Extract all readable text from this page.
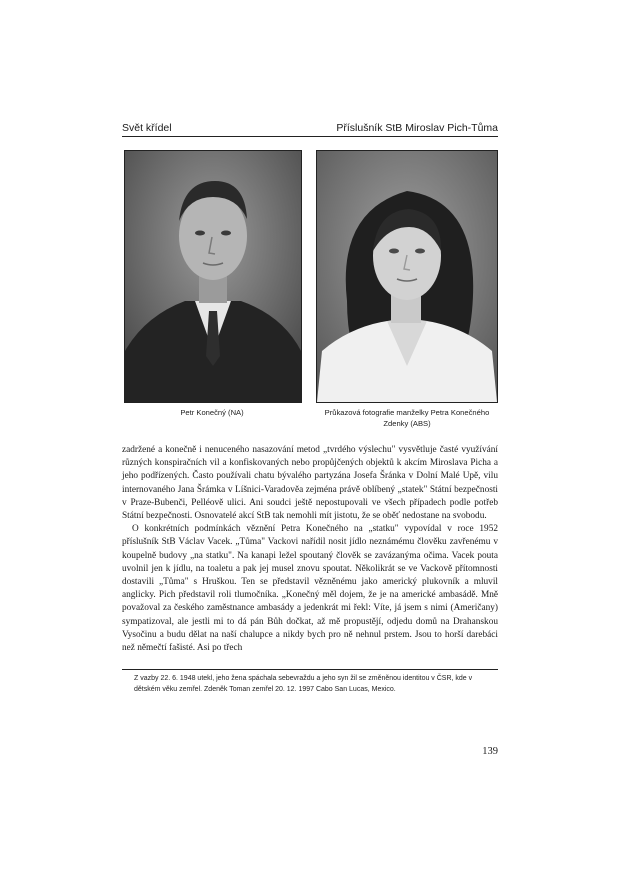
Svět křídel	Příslušník StB Miroslav Pich-Tůma
Petr Konečný (NA)	Průkazová fotografie manželky Petra Konečného Zdenky (ABS)

zadržené a konečně i nenuceného nasazování metod „tvrdého výslechu" vysvětluje časté využívání různých konspiračních vil a konfiskovaných nebo propůjčených objektů k akcím Miroslava Picha a jeho podřízených. Často používali chatu bývalého partyzána Josefa Šránka v Dolní Malé Upě, vilu internovaného Jana Šrámka v Líšnici-Varadověa zejména právě oblíbený „statek" Státní bezpečnosti v Praze-Bubenči, Pelléově ulici. Ani soudci ještě nepostupovali ve všech případech podle potřeb Státní bezpečnosti. Osnovatelé akcí StB tak nemohli mít jistotu, že se oběť nedostane na svobodu.

O konkrétních podmínkách věznění Petra Konečného na „statku" vypovídal v roce 1952 příslušník StB Václav Vacek. „Tůma" Vackovi nařídil nosit jídlo neznámému člověku zavřenému v koupelně budovy „na statku". Na kanapi ležel spoutaný člověk se zavázanýma očima. Vacek pouta uvolnil jen k jídlu, na toaletu a pak jej musel znovu spoutat. Několikrát se ve Vackově přítomnosti dostavili „Tůma" s Hruškou. Ten se představil vězněnému jako americký plukovník a mluvil anglicky. Pich představil roli tlumočníka. „Konečný měl dojem, že je na americké ambasádě. Mně považoval za českého zaměstnance ambasády a jedenkrát mi řekl: Víte, já jsem s nimi (Američany) sympatizoval, ale jestli mi to dá pán Bůh dočkat, až mě propustějí, odjedu domů na Drahanskou Vysočinu a budu dělat na naší chalupce a nikdy bych pro ně nehnul prstem. Jsou to horší darebáci než němečtí fašisté. Asi po třech

Z vazby 22. 6. 1948 utekl, jeho žena spáchala sebevraždu a jeho syn žil se změněnou identitou v ČSR, kde v dětském věku zemřel. Zdeněk Toman zemřel 20. 12. 1997 Cabo San Lucas, Mexico.
139
